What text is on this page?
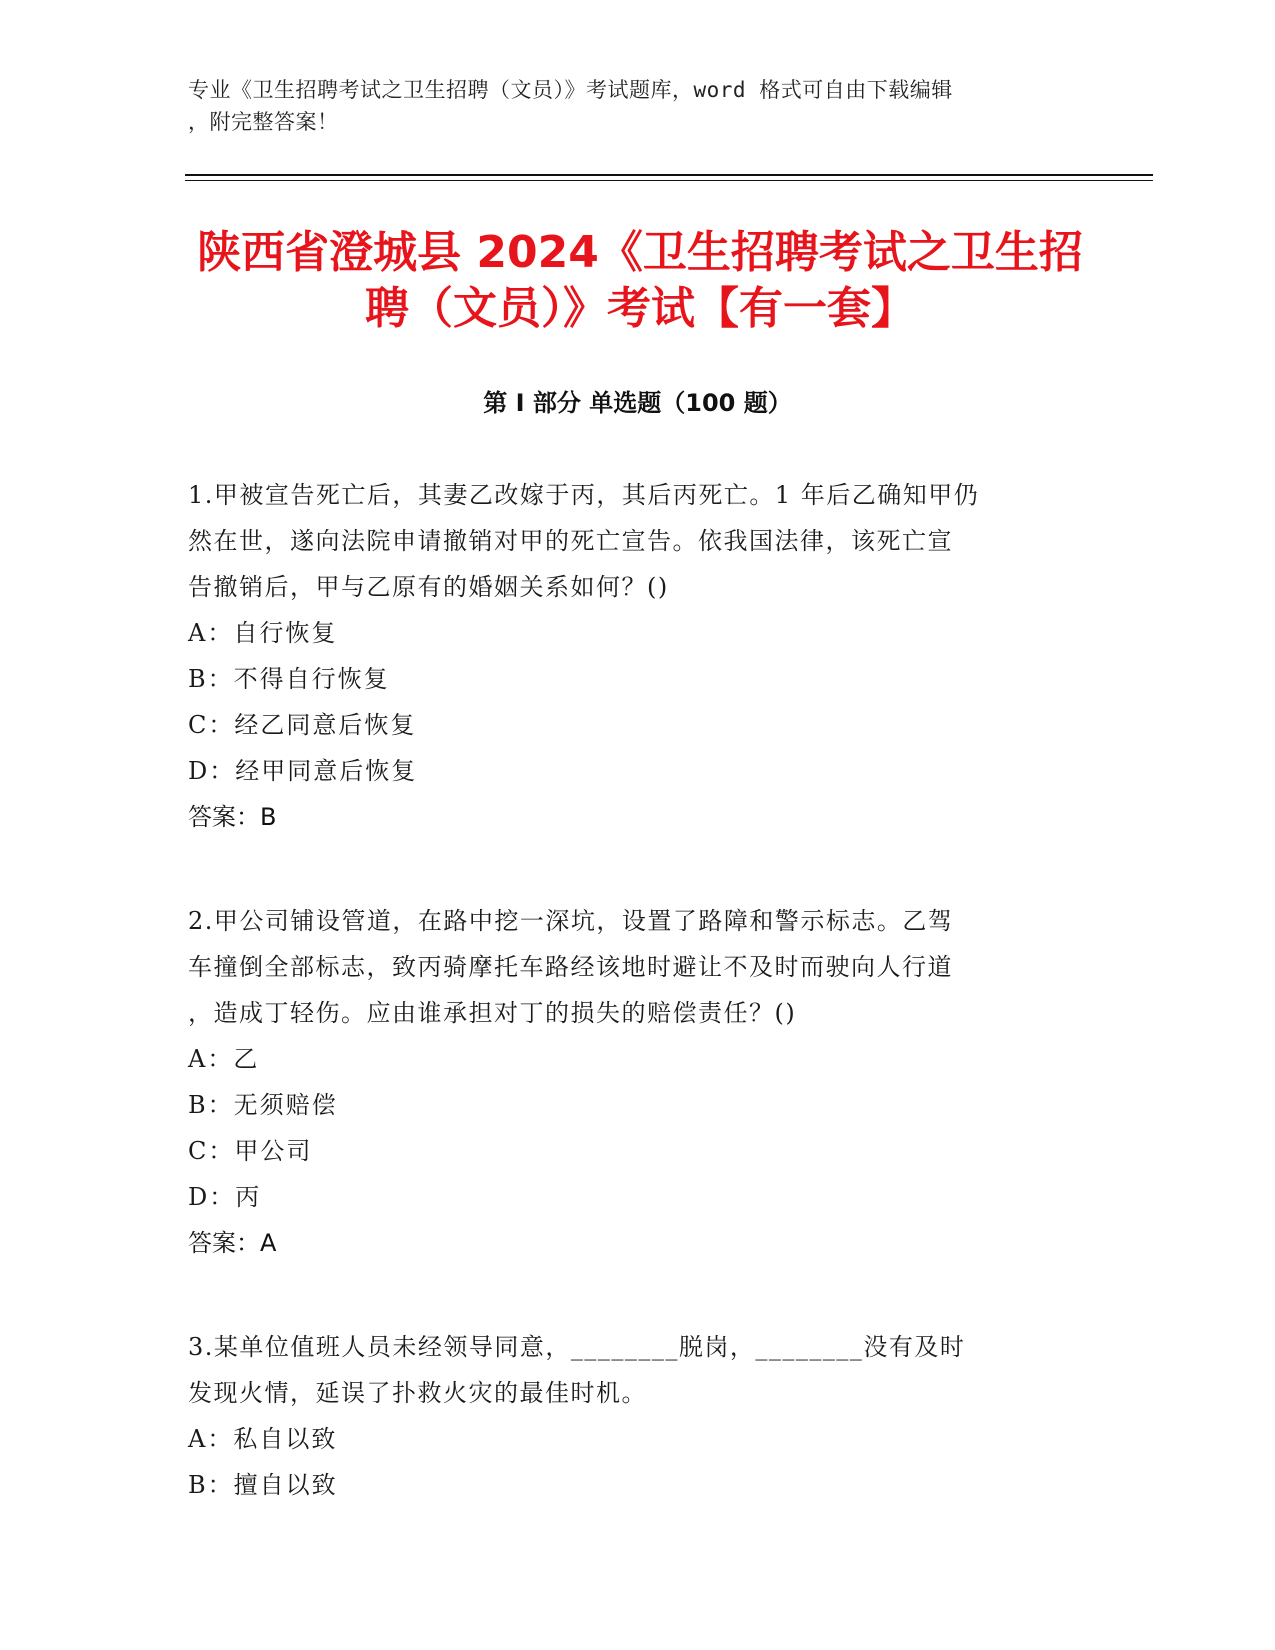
专业《卫生招聘考试之卫生招聘（文员）》考试题库，word 格式可自由下载编辑
，附完整答案！
陕西省澄城县 2024《卫生招聘考试之卫生招
聘（文员）》考试【有一套】
第 I 部分 单选题（100 题）

1.甲被宣告死亡后，其妻乙改嫁于丙，其后丙死亡。1 年后乙确知甲仍

然在世，遂向法院申请撤销对甲的死亡宣告。依我国法律，该死亡宣

告撤销后，甲与乙原有的婚姻关系如何？()

A：自行恢复

B：不得自行恢复

C：经乙同意后恢复

D：经甲同意后恢复

答案：B

2.甲公司铺设管道，在路中挖一深坑，设置了路障和警示标志。乙驾

车撞倒全部标志，致丙骑摩托车路经该地时避让不及时而驶向人行道

，造成丁轻伤。应由谁承担对丁的损失的赔偿责任？()

A：乙

B：无须赔偿

C：甲公司

D：丙

答案：A

3.某单位值班人员未经领导同意，________脱岗，________没有及时

发现火情，延误了扑救火灾的最佳时机。

A：私自以致

B：擅自以致
